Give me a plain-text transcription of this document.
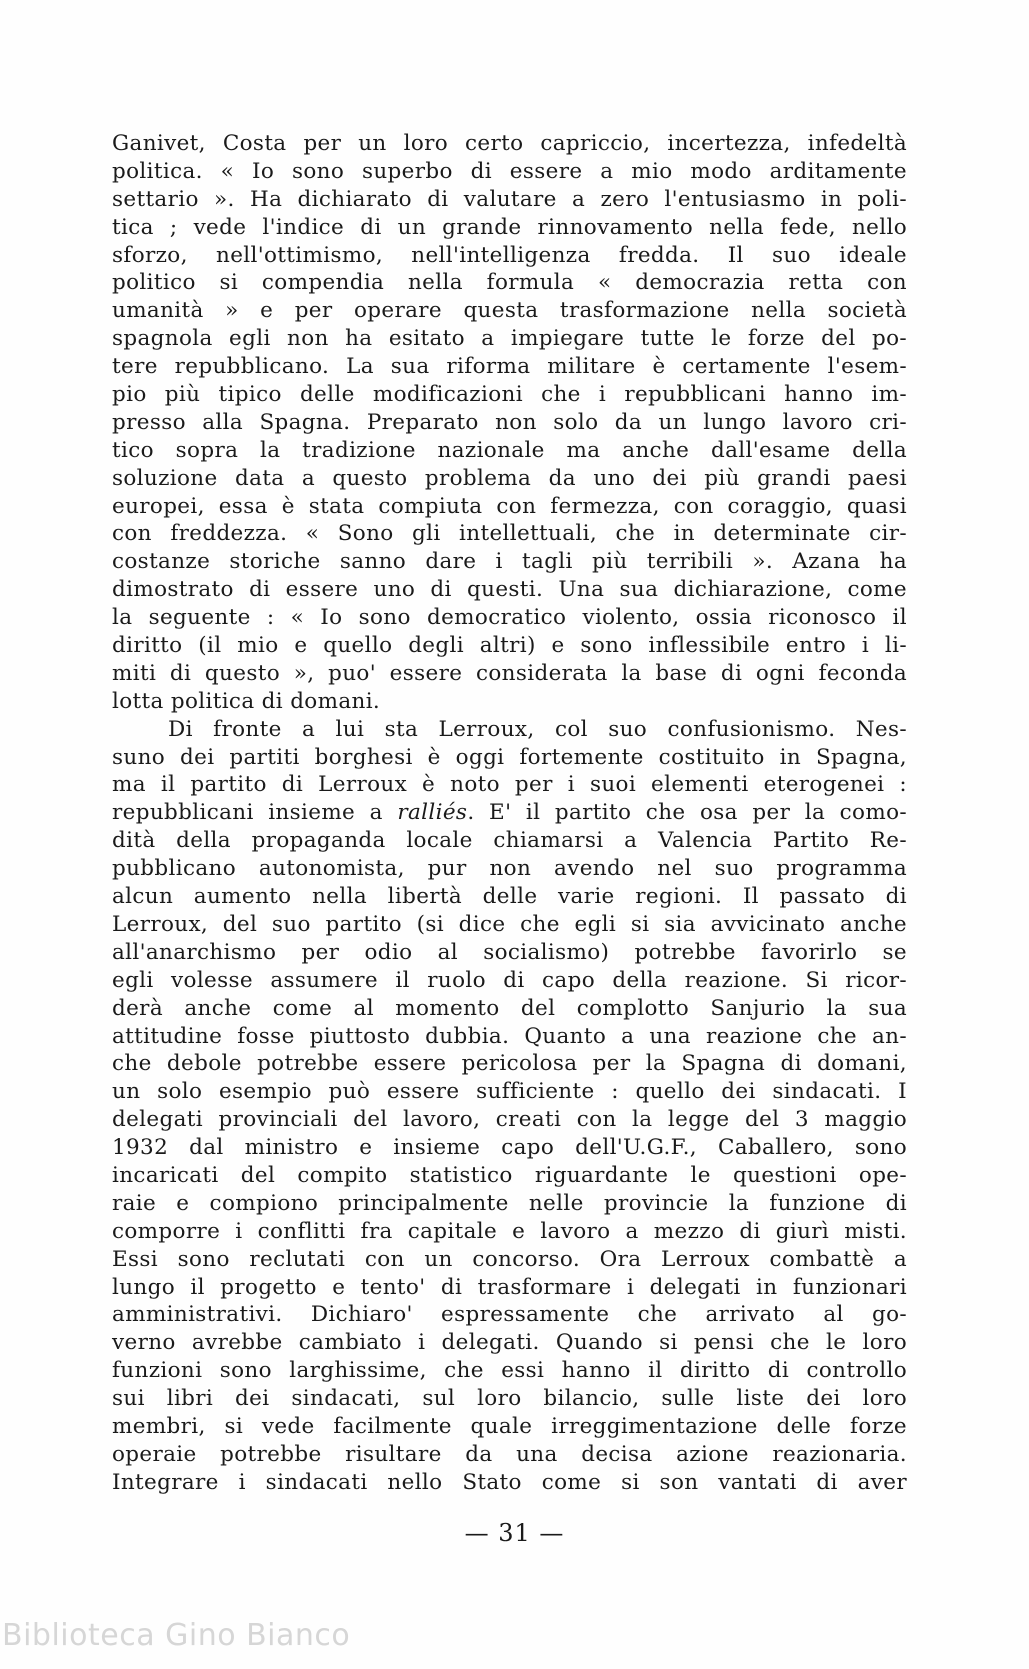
Ganivet, Costa per un loro certo capriccio, incertezza, infedeltà
politica. « Io sono superbo di essere a mio modo arditamente
settario ». Ha dichiarato di valutare a zero l'entusiasmo in poli-
tica ; vede l'indice di un grande rinnovamento nella fede, nello
sforzo, nell'ottimismo, nell'intelligenza fredda. Il suo ideale
politico si compendia nella formula « democrazia retta con
umanità » e per operare questa trasformazione nella società
spagnola egli non ha esitato a impiegare tutte le forze del po-
tere repubblicano. La sua riforma militare è certamente l'esem-
pio più tipico delle modificazioni che i repubblicani hanno im-
presso alla Spagna. Preparato non solo da un lungo lavoro cri-
tico sopra la tradizione nazionale ma anche dall'esame della
soluzione data a questo problema da uno dei più grandi paesi
europei, essa è stata compiuta con fermezza, con coraggio, quasi
con freddezza. « Sono gli intellettuali, che in determinate cir-
costanze storiche sanno dare i tagli più terribili ». Azana ha
dimostrato di essere uno di questi. Una sua dichiarazione, come
la seguente : « Io sono democratico violento, ossia riconosco il
diritto (il mio e quello degli altri) e sono inflessibile entro i li-
miti di questo », puo' essere considerata la base di ogni feconda
lotta politica di domani.
Di fronte a lui sta Lerroux, col suo confusionismo. Nes-
suno dei partiti borghesi è oggi fortemente costituito in Spagna,
ma il partito di Lerroux è noto per i suoi elementi eterogenei :
repubblicani insieme a ralliés. E' il partito che osa per la como-
dità della propaganda locale chiamarsi a Valencia Partito Re-
pubblicano autonomista, pur non avendo nel suo programma
alcun aumento nella libertà delle varie regioni. Il passato di
Lerroux, del suo partito (si dice che egli si sia avvicinato anche
all'anarchismo per odio al socialismo) potrebbe favorirlo se
egli volesse assumere il ruolo di capo della reazione. Si ricor-
derà anche come al momento del complotto Sanjurio la sua
attitudine fosse piuttosto dubbia. Quanto a una reazione che an-
che debole potrebbe essere pericolosa per la Spagna di domani,
un solo esempio può essere sufficiente : quello dei sindacati. I
delegati provinciali del lavoro, creati con la legge del 3 maggio
1932 dal ministro e insieme capo dell'U.G.F., Caballero, sono
incaricati del compito statistico riguardante le questioni ope-
raie e compiono principalmente nelle provincie la funzione di
comporre i conflitti fra capitale e lavoro a mezzo di giurì misti.
Essi sono reclutati con un concorso. Ora Lerroux combattè a
lungo il progetto e tento' di trasformare i delegati in funzionari
amministrativi. Dichiaro' espressamente che arrivato al go-
verno avrebbe cambiato i delegati. Quando si pensi che le loro
funzioni sono larghissime, che essi hanno il diritto di controllo
sui libri dei sindacati, sul loro bilancio, sulle liste dei loro
membri, si vede facilmente quale irreggimentazione delle forze
operaie potrebbe risultare da una decisa azione reazionaria.
Integrare i sindacati nello Stato come si son vantati di aver
— 31 —
Biblioteca Gino Bianco
